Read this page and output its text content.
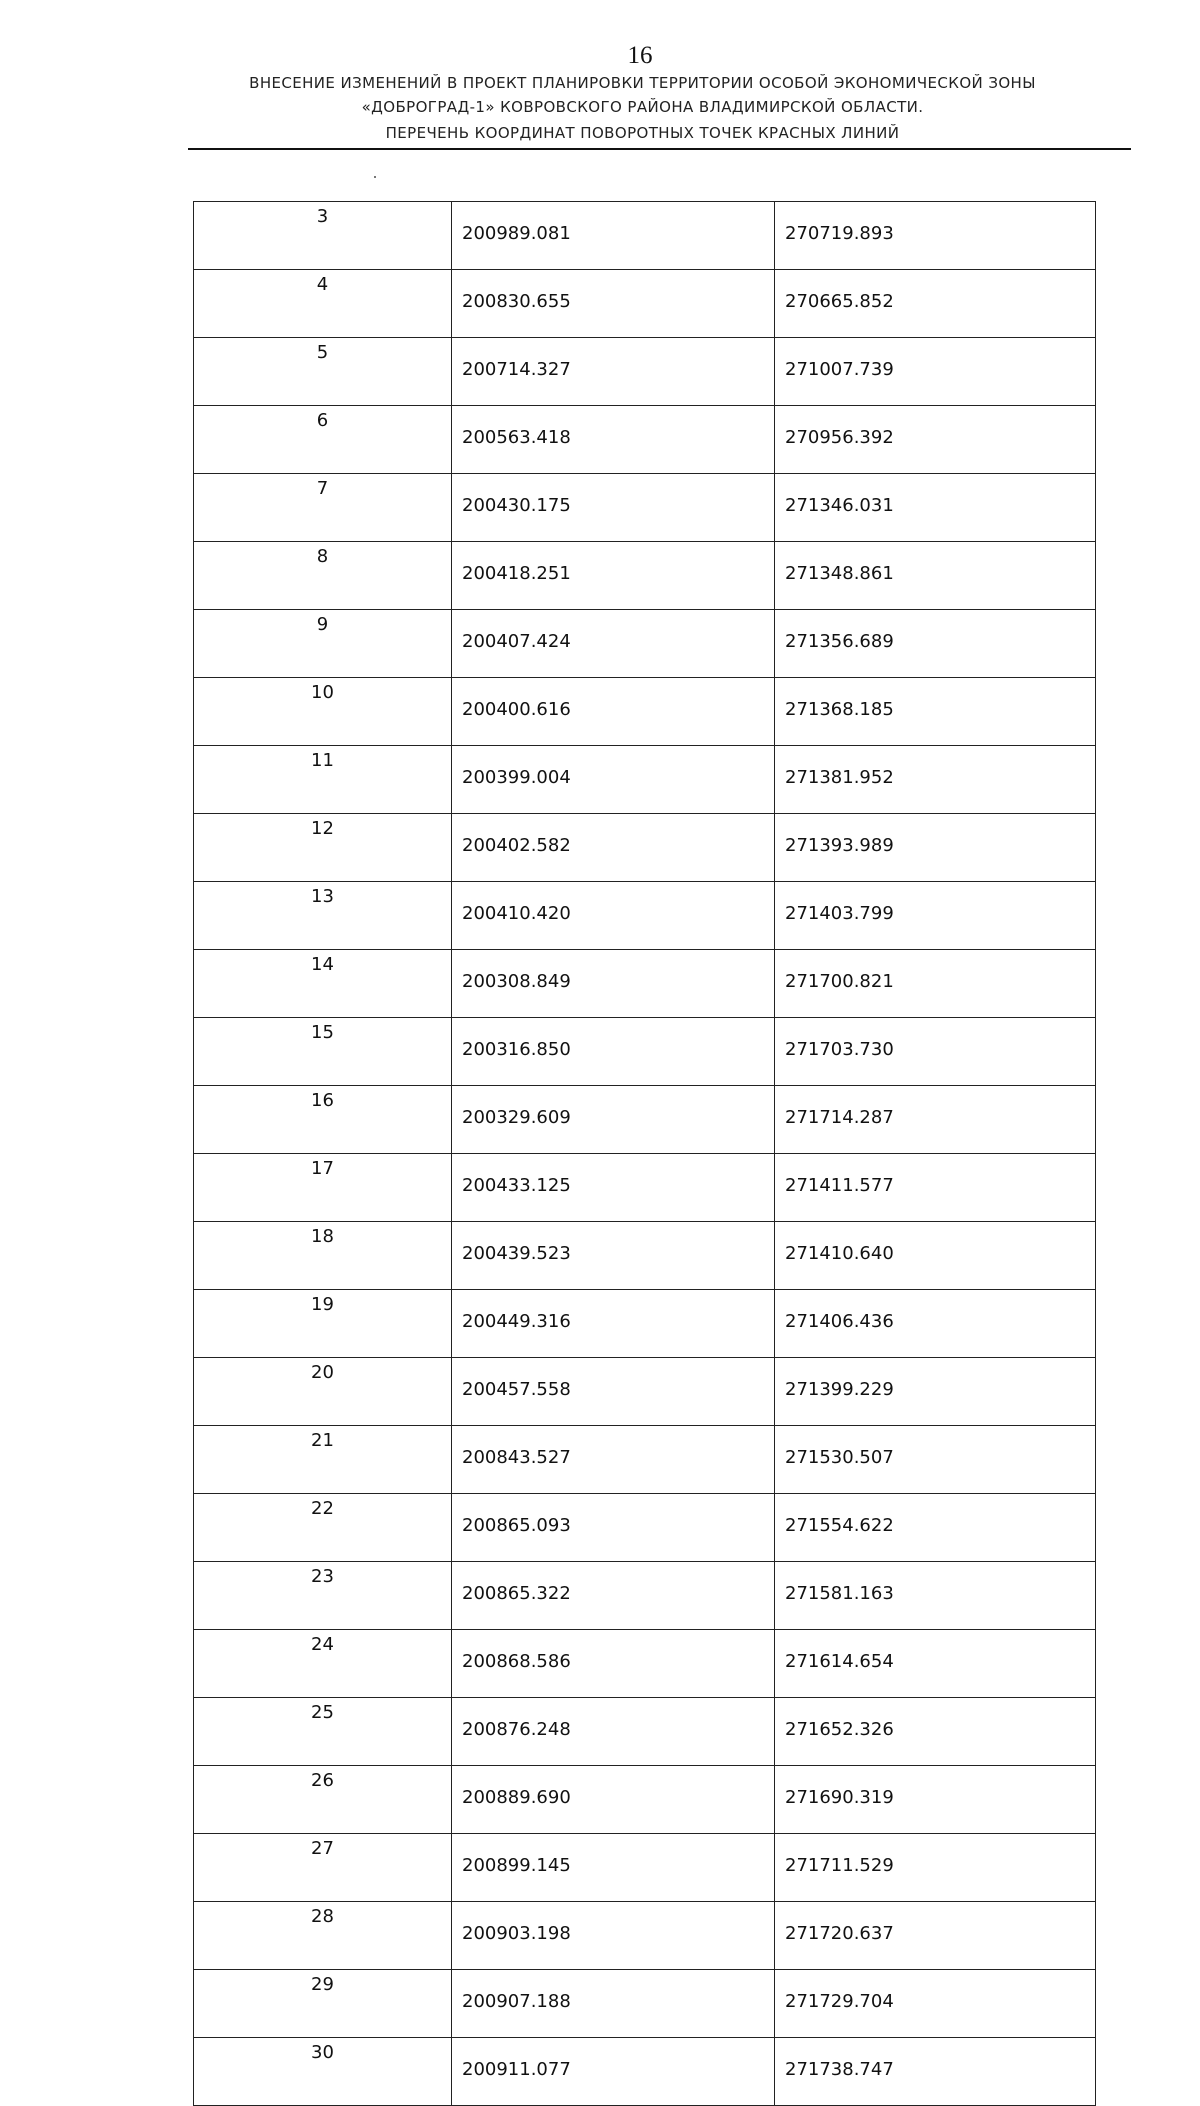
16
ВНЕСЕНИЕ ИЗМЕНЕНИЙ В ПРОЕКТ ПЛАНИРОВКИ ТЕРРИТОРИИ ОСОБОЙ ЭКОНОМИЧЕСКОЙ ЗОНЫ
«ДОБРОГРАД-1» КОВРОВСКОГО РАЙОНА ВЛАДИМИРСКОЙ ОБЛАСТИ.
ПЕРЕЧЕНЬ КООРДИНАТ ПОВОРОТНЫХ ТОЧЕК КРАСНЫХ ЛИНИЙ
3	200989.081	270719.893
4	200830.655	270665.852
5	200714.327	271007.739
6	200563.418	270956.392
7	200430.175	271346.031
8	200418.251	271348.861
9	200407.424	271356.689
10	200400.616	271368.185
11	200399.004	271381.952
12	200402.582	271393.989
13	200410.420	271403.799
14	200308.849	271700.821
15	200316.850	271703.730
16	200329.609	271714.287
17	200433.125	271411.577
18	200439.523	271410.640
19	200449.316	271406.436
20	200457.558	271399.229
21	200843.527	271530.507
22	200865.093	271554.622
23	200865.322	271581.163
24	200868.586	271614.654
25	200876.248	271652.326
26	200889.690	271690.319
27	200899.145	271711.529
28	200903.198	271720.637
29	200907.188	271729.704
30	200911.077	271738.747
